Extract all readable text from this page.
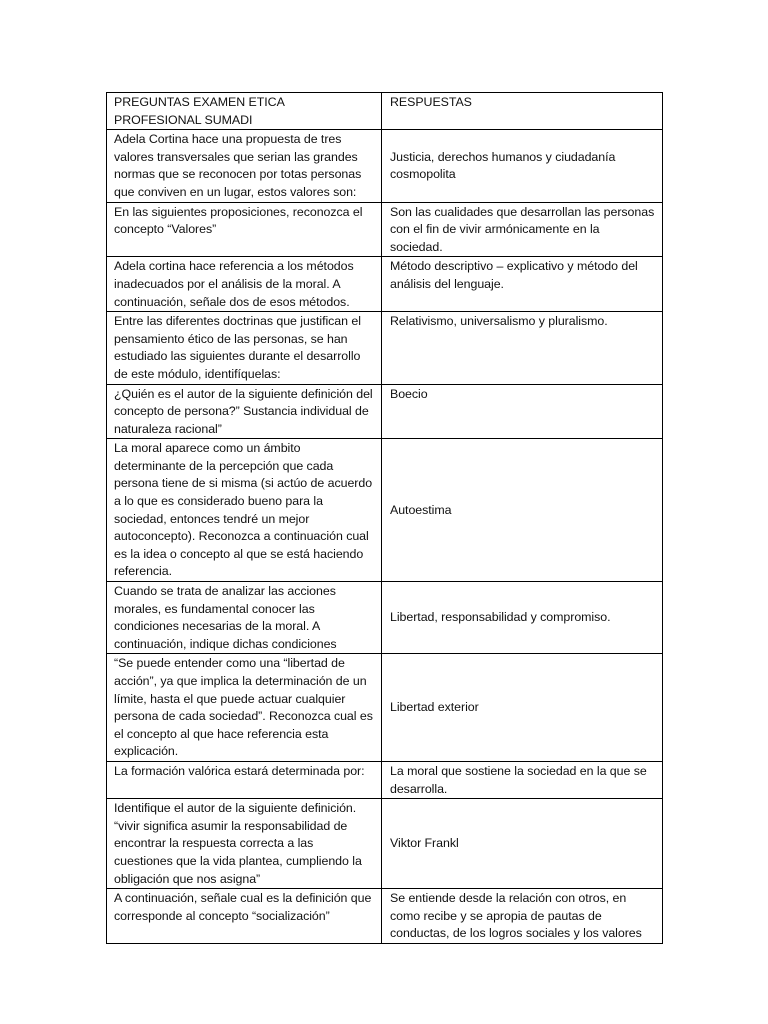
PREGUNTAS EXAMEN ETICA PROFESIONAL SUMADI	RESPUESTAS
Adela Cortina hace una propuesta de tres valores transversales que serian las grandes normas que se reconocen por totas personas que conviven en un lugar, estos valores son:	Justicia, derechos humanos y ciudadanía cosmopolita
En las siguientes proposiciones, reconozca el concepto “Valores”	Son las cualidades que desarrollan las personas con el fin de vivir armónicamente en la sociedad.
Adela cortina hace referencia a los métodos inadecuados por el análisis de la moral. A continuación, señale dos de esos métodos.	Método descriptivo – explicativo y método del análisis del lenguaje.
Entre las diferentes doctrinas que justifican el pensamiento ético de las personas, se han estudiado las siguientes durante el desarrollo de este módulo, identifíquelas:	Relativismo, universalismo y pluralismo.
¿Quién es el autor de la siguiente definición del concepto de persona?” Sustancia individual de naturaleza racional”	Boecio
La moral aparece como un ámbito determinante de la percepción que cada persona tiene de si misma (si actúo de acuerdo a lo que es considerado bueno para la sociedad, entonces tendré un mejor autoconcepto). Reconozca a continuación cual es la idea o concepto al que se está haciendo referencia.	Autoestima
Cuando se trata de analizar las acciones morales, es fundamental conocer las condiciones necesarias de la moral. A continuación, indique dichas condiciones	Libertad, responsabilidad y compromiso.
“Se puede entender como una “libertad de acción”, ya que implica la determinación de un límite, hasta el que puede actuar cualquier persona de cada sociedad”. Reconozca cual es el concepto al que hace referencia esta explicación.	Libertad exterior
La formación valórica estará determinada por:	La moral que sostiene la sociedad en la que se desarrolla.
Identifique el autor de la siguiente definición. “vivir significa asumir la responsabilidad de encontrar la respuesta correcta a las cuestiones que la vida plantea, cumpliendo la obligación que nos asigna”	Viktor Frankl
A continuación, señale cual es la definición que corresponde al concepto “socialización”	Se entiende desde la relación con otros, en como recibe y se apropia de pautas de conductas, de los logros sociales y los valores
